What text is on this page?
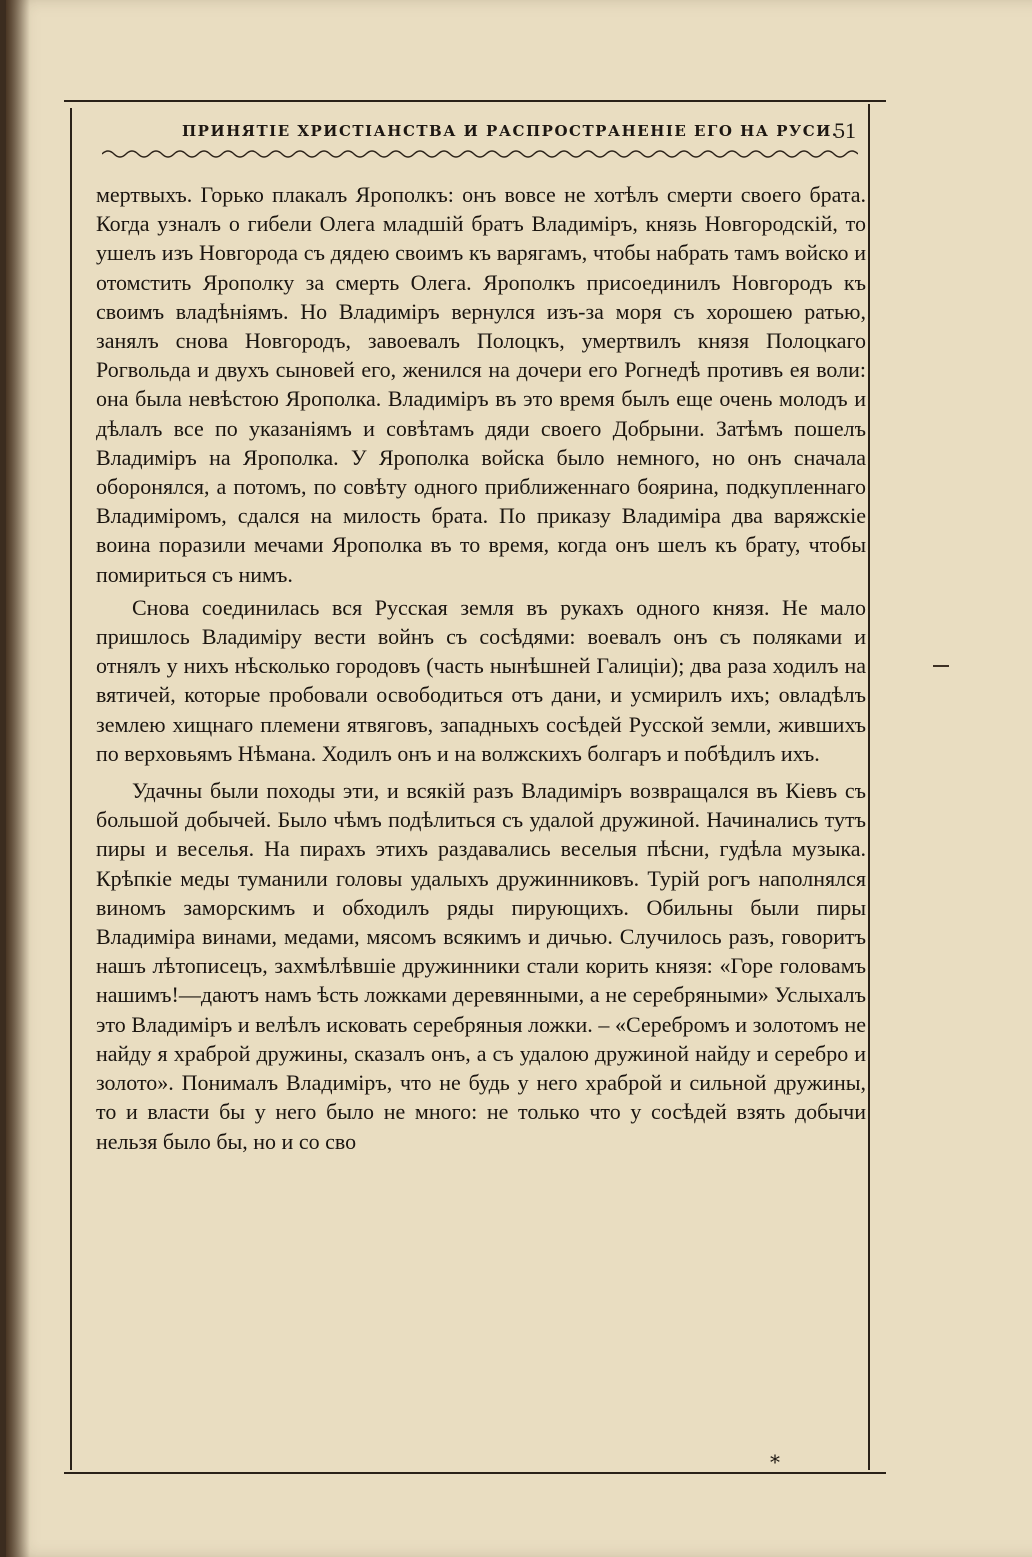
ПРИНЯТІЕ ХРИСТІАНСТВА И РАСПРОСТРАНЕНІЕ ЕГО НА РУСИ.
51

мертвыхъ. Горько плакалъ Ярополкъ: онъ вовсе не хотѣлъ смерти своего брата. Когда узналъ о гибели Олега младшій братъ Владиміръ, князь Новгородскій, то ушелъ изъ Новгорода съ дядею своимъ къ варягамъ, чтобы набрать тамъ войско и отомстить Ярополку за смерть Олега. Ярополкъ присоединилъ Новгородъ къ своимъ владѣніямъ. Но Владиміръ вернулся изъ-за моря съ хорошею ратью, занялъ снова Новгородъ, завоевалъ Полоцкъ, умертвилъ князя Полоцкаго Рогвольда и двухъ сыновей его, женился на дочери его Рогнедѣ противъ ея воли: она была невѣстою Ярополка. Владиміръ въ это время былъ еще очень молодъ и дѣлалъ все по указаніямъ и совѣтамъ дяди своего Добрыни. Затѣмъ пошелъ Владиміръ на Ярополка. У Ярополка войска было немного, но онъ сначала оборонялся, а потомъ, по совѣту одного приближеннаго боярина, подкупленнаго Владиміромъ, сдался на милость брата. По приказу Владиміра два варяжскіе воина поразили мечами Ярополка въ то время, когда онъ шелъ къ брату, чтобы помириться съ нимъ.

Снова соединилась вся Русская земля въ рукахъ одного князя. Не мало пришлось Владиміру вести войнъ съ сосѣдями: воевалъ онъ съ поляками и отнялъ у нихъ нѣсколько городовъ (часть нынѣшней Галиціи); два раза ходилъ на вятичей, которые пробовали освободиться отъ дани, и усмирилъ ихъ; овладѣлъ землею хищнаго племени ятвяговъ, западныхъ сосѣдей Русской земли, жившихъ по верховьямъ Нѣмана. Ходилъ онъ и на волжскихъ болгаръ и побѣдилъ ихъ.

Удачны были походы эти, и всякій разъ Владиміръ возвращался въ Кіевъ съ большой добычей. Было чѣмъ подѣлиться съ удалой дружиной. Начинались тутъ пиры и веселья. На пирахъ этихъ раздавались веселыя пѣсни, гудѣла музыка. Крѣпкіе меды туманили головы удалыхъ дружинниковъ. Турій рогъ наполнялся виномъ заморскимъ и обходилъ ряды пирующихъ. Обильны были пиры Владиміра винами, медами, мясомъ всякимъ и дичью. Случилось разъ, говоритъ нашъ лѣтописецъ, захмѣлѣвшіе дружинники стали корить князя: «Горе головамъ нашимъ!—даютъ намъ ѣсть ложками деревянными, а не серебряными» Услыхалъ это Владиміръ и велѣлъ исковать серебряныя ложки. – «Серебромъ и золотомъ не найду я храброй дружины, сказалъ онъ, а съ удалою дружиной найду и серебро и золото». Понималъ Владиміръ, что не будь у него храброй и сильной дружины, то и власти бы у него было не много: не только что у сосѣдей взять добычи нельзя было бы, но и со сво

*
